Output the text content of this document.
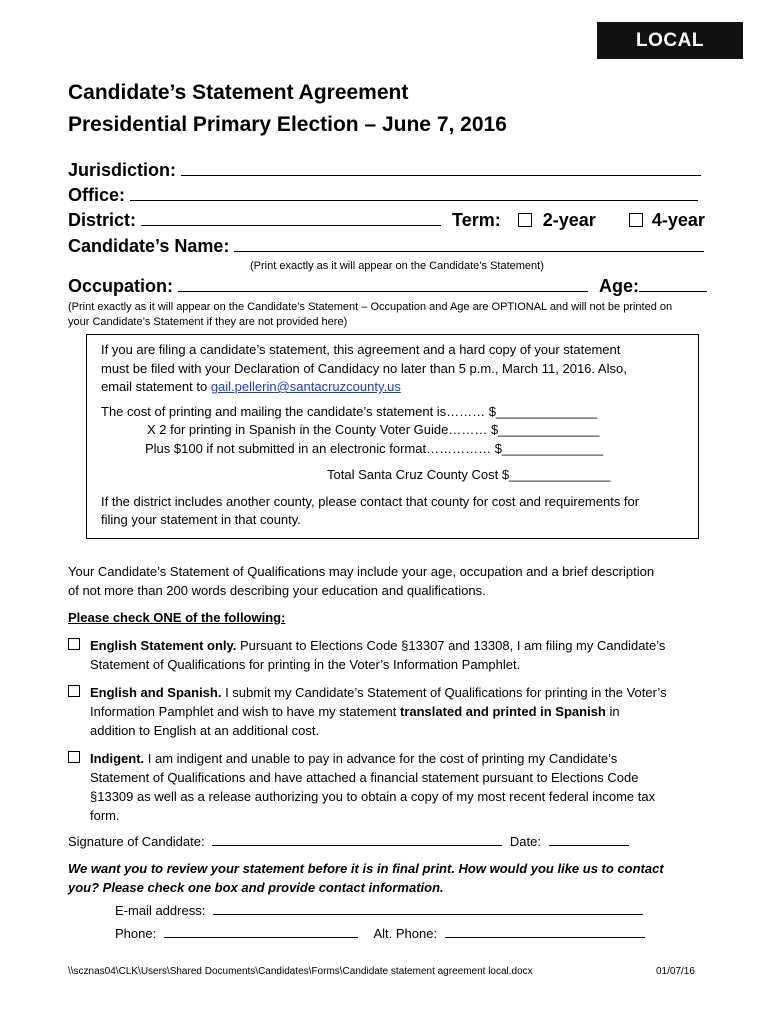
LOCAL
Candidate’s Statement Agreement
Presidential Primary Election – June 7, 2016
Jurisdiction:
Office:
District:	Term: 2-year	4-year
Candidate’s Name:
(Print exactly as it will appear on the Candidate’s Statement)
Occupation:	Age:
(Print exactly as it will appear on the Candidate’s Statement – Occupation and Age are OPTIONAL and will not be printed on
your Candidate’s Statement if they are not provided here)
If you are filing a candidate’s statement, this agreement and a hard copy of your statement
must be filed with your Declaration of Candidacy no later than 5 p.m., March 11, 2016. Also,
email statement to gail.pellerin@santacruzcounty.us
The cost of printing and mailing the candidate’s statement is……… $______________
X 2 for printing in Spanish in the County Voter Guide……… $______________
Plus $100 if not submitted in an electronic format…………… $______________
Total Santa Cruz County Cost $______________
If the district includes another county, please contact that county for cost and requirements for
filing your statement in that county.
Your Candidate’s Statement of Qualifications may include your age, occupation and a brief description
of not more than 200 words describing your education and qualifications.
Please check ONE of the following:
English Statement only. Pursuant to Elections Code §13307 and 13308, I am filing my Candidate’s
Statement of Qualifications for printing in the Voter’s Information Pamphlet.
English and Spanish. I submit my Candidate’s Statement of Qualifications for printing in the Voter’s
Information Pamphlet and wish to have my statement translated and printed in Spanish in
addition to English at an additional cost.
Indigent. I am indigent and unable to pay in advance for the cost of printing my Candidate’s
Statement of Qualifications and have attached a financial statement pursuant to Elections Code
§13309 as well as a release authorizing you to obtain a copy of my most recent federal income tax
form.
Signature of Candidate:	Date:
We want you to review your statement before it is in final print. How would you like us to contact
you? Please check one box and provide contact information.
E-mail address:
Phone:	Alt. Phone:
\\scznas04\CLK\Users\Shared Documents\Candidates\Forms\Candidate statement agreement local.docx	01/07/16
